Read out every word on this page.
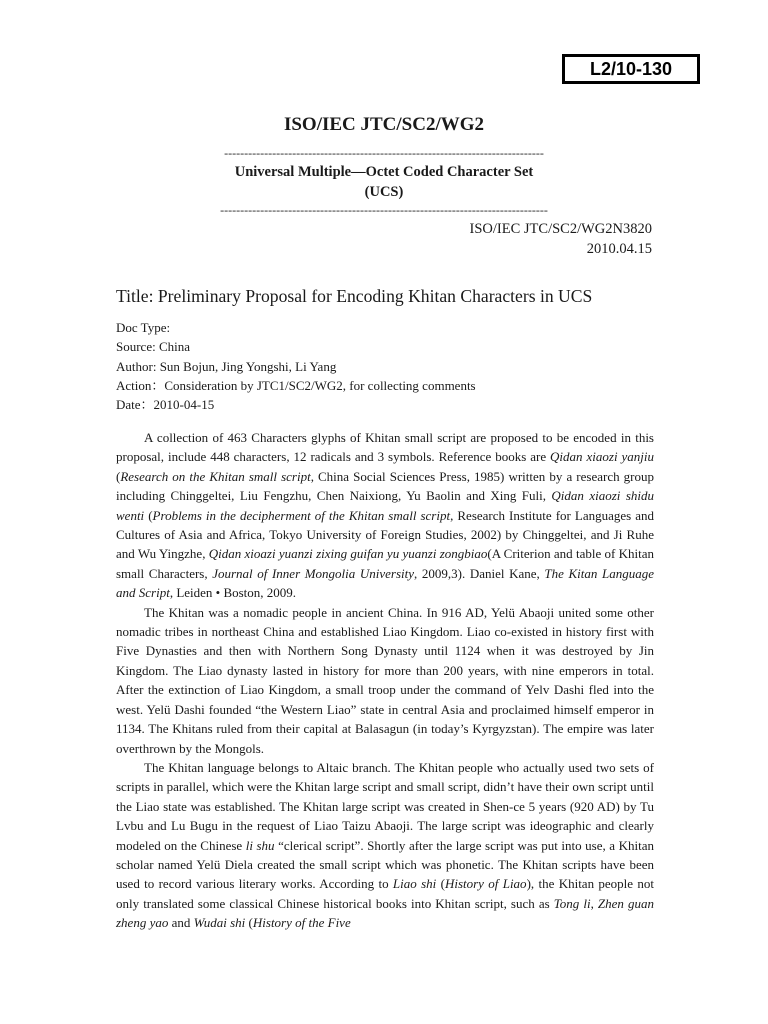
L2/10-130
ISO/IEC JTC/SC2/WG2
--------------------------------------------------------------------------------
Universal Multiple—Octet Coded Character Set
(UCS)
----------------------------------------------------------------------------------
ISO/IEC JTC/SC2/WG2N3820
2010.04.15
Title: Preliminary Proposal for Encoding Khitan Characters in UCS
Doc Type:
Source: China
Author: Sun Bojun, Jing Yongshi, Li Yang
Action：Consideration by JTC1/SC2/WG2, for collecting comments
Date：2010-04-15

A collection of 463 Characters glyphs of Khitan small script are proposed to be encoded in this proposal, include 448 characters, 12 radicals and 3 symbols. Reference books are Qidan xiaozi yanjiu (Research on the Khitan small script, China Social Sciences Press, 1985) written by a research group including Chinggeltei, Liu Fengzhu, Chen Naixiong, Yu Baolin and Xing Fuli, Qidan xiaozi shidu wenti (Problems in the decipherment of the Khitan small script, Research Institute for Languages and Cultures of Asia and Africa, Tokyo University of Foreign Studies, 2002) by Chinggeltei, and Ji Ruhe and Wu Yingzhe, Qidan xioazi yuanzi zixing guifan yu yuanzi zongbiao(A Criterion and table of Khitan small Characters, Journal of Inner Mongolia University, 2009,3). Daniel Kane, The Kitan Language and Script, Leiden • Boston, 2009.

The Khitan was a nomadic people in ancient China. In 916 AD, Yelü Abaoji united some other nomadic tribes in northeast China and established Liao Kingdom. Liao co-existed in history first with Five Dynasties and then with Northern Song Dynasty until 1124 when it was destroyed by Jin Kingdom. The Liao dynasty lasted in history for more than 200 years, with nine emperors in total. After the extinction of Liao Kingdom, a small troop under the command of Yelv Dashi fled into the west. Yelü Dashi founded “the Western Liao” state in central Asia and proclaimed himself emperor in 1134. The Khitans ruled from their capital at Balasagun (in today’s Kyrgyzstan). The empire was later overthrown by the Mongols.

The Khitan language belongs to Altaic branch. The Khitan people who actually used two sets of scripts in parallel, which were the Khitan large script and small script, didn’t have their own script until the Liao state was established. The Khitan large script was created in Shen-ce 5 years (920 AD) by Tu Lvbu and Lu Bugu in the request of Liao Taizu Abaoji. The large script was ideographic and clearly modeled on the Chinese li shu “clerical script”. Shortly after the large script was put into use, a Khitan scholar named Yelü Diela created the small script which was phonetic. The Khitan scripts have been used to record various literary works. According to Liao shi (History of Liao), the Khitan people not only translated some classical Chinese historical books into Khitan script, such as Tong li, Zhen guan zheng yao and Wudai shi (History of the Five
